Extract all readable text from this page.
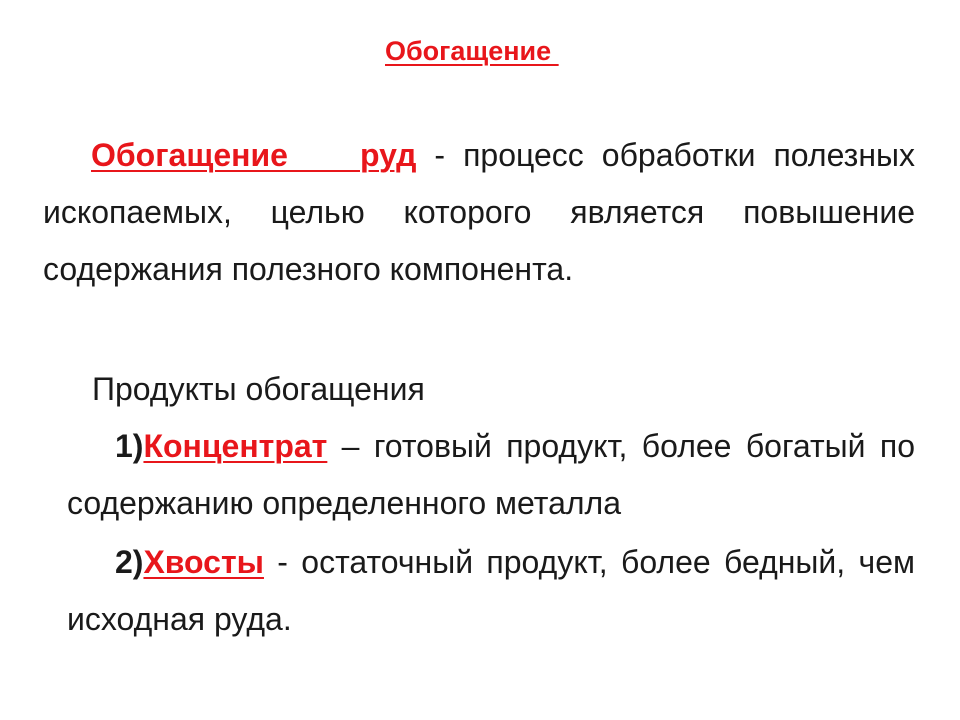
Обогащение
Обогащение    руд - процесс обработки полезных ископаемых, целью которого является повышение содержания полезного компонента.
Продукты обогащения
1)Концентрат – готовый продукт, более богатый по содержанию определенного металла
2)Хвосты - остаточный продукт, более бедный, чем исходная руда.
